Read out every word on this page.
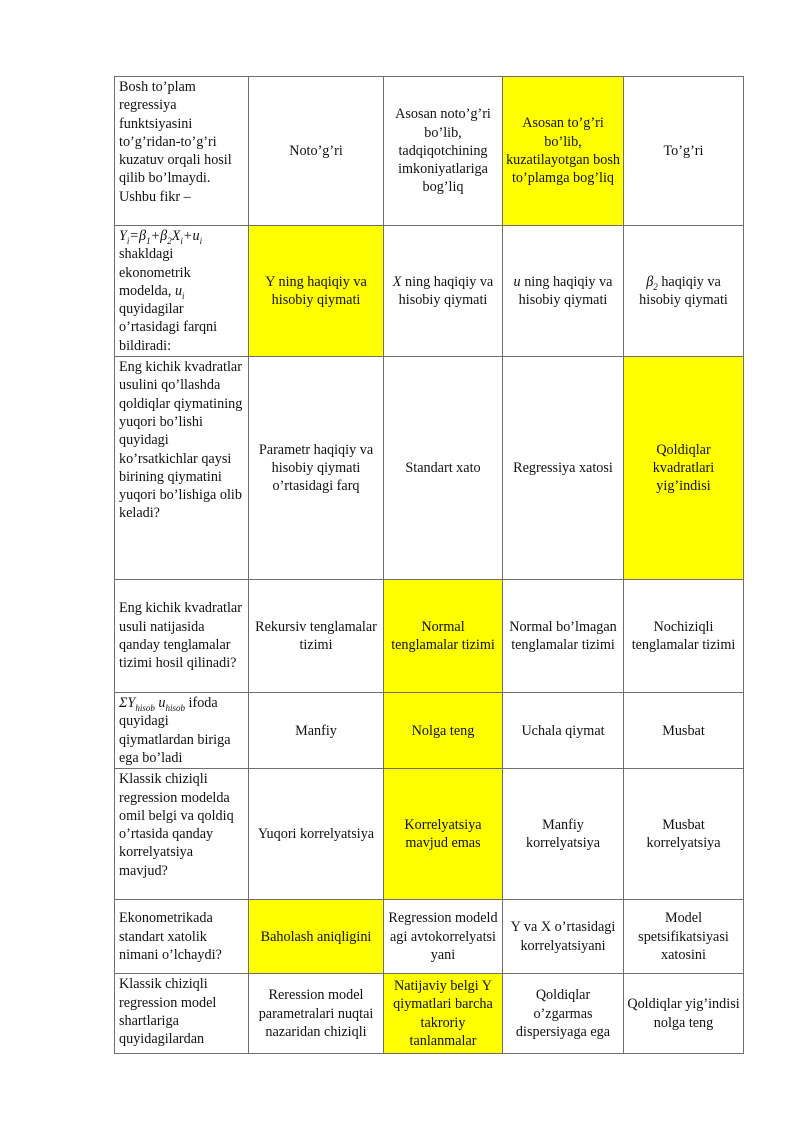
Bosh to’plam regressiya funktsiyasini to’g’ridan-to’g’ri kuzatuv orqali hosil qilib bo’lmaydi. Ushbu fikr –	Noto’g’ri	Asosan noto’g’ri bo’lib, tadqiqotchining imkoniyatlariga bog’liq	Asosan to’g’ri bo’lib, kuzatilayotgan bosh to’plamga bog’liq	To’g’ri
$Y_i=\beta_1+\beta_2X_i+u_i$ shakldagi ekonometrik modelda, $u_i$ quyidagilar o’rtasidagi farqni bildiradi:	Y ning haqiqiy va hisobiy qiymati	X ning haqiqiy va hisobiy qiymati	u ning haqiqiy va hisobiy qiymati	$\beta_2$ haqiqiy va hisobiy qiymati
Eng kichik kvadratlar usulini qo’llashda qoldiqlar qiymatining yuqori bo’lishi quyidagi ko’rsatkichlar qaysi birining qiymatini yuqori bo’lishiga olib keladi?	Parametr haqiqiy va hisobiy qiymati o’rtasidagi farq	Standart xato	Regressiya xatosi	Qoldiqlar kvadratlari yig’indisi
Eng kichik kvadratlar usuli natijasida qanday tenglamalar tizimi hosil qilinadi?	Rekursiv tenglamalar tizimi	Normal tenglamalar tizimi	Normal bo’lmagan tenglamalar tizimi	Nochiziqli tenglamalar tizimi
$\Sigma Y_{hisob}$ $u_{hisob}$ ifoda quyidagi qiymatlardan biriga ega bo’ladi	Manfiy	Nolga teng	Uchala qiymat	Musbat
Klassik chiziqli regression modelda omil belgi va qoldiq o’rtasida qanday korrelyatsiya mavjud?	Yuqori korrelyatsiya	Korrelyatsiya mavjud emas	Manfiy korrelyatsiya	Musbat korrelyatsiya
Ekonometrikada standart xatolik nimani o’lchaydi?	Baholash aniqligini	Regression modeldagi avtokorrelyatsiyani	Y va X o’rtasidagi korrelyatsiyani	Model spetsifikatsiyasi xatosini
Klassik chiziqli regression model shartlariga quyidagilardan	Reression model parametralari nuqtai nazaridan chiziqli	Natijaviy belgi Y qiymatlari barcha takroriy tanlanmalar	Qoldiqlar o’zgarmas dispersiyaga ega	Qoldiqlar yig’indisi nolga teng
